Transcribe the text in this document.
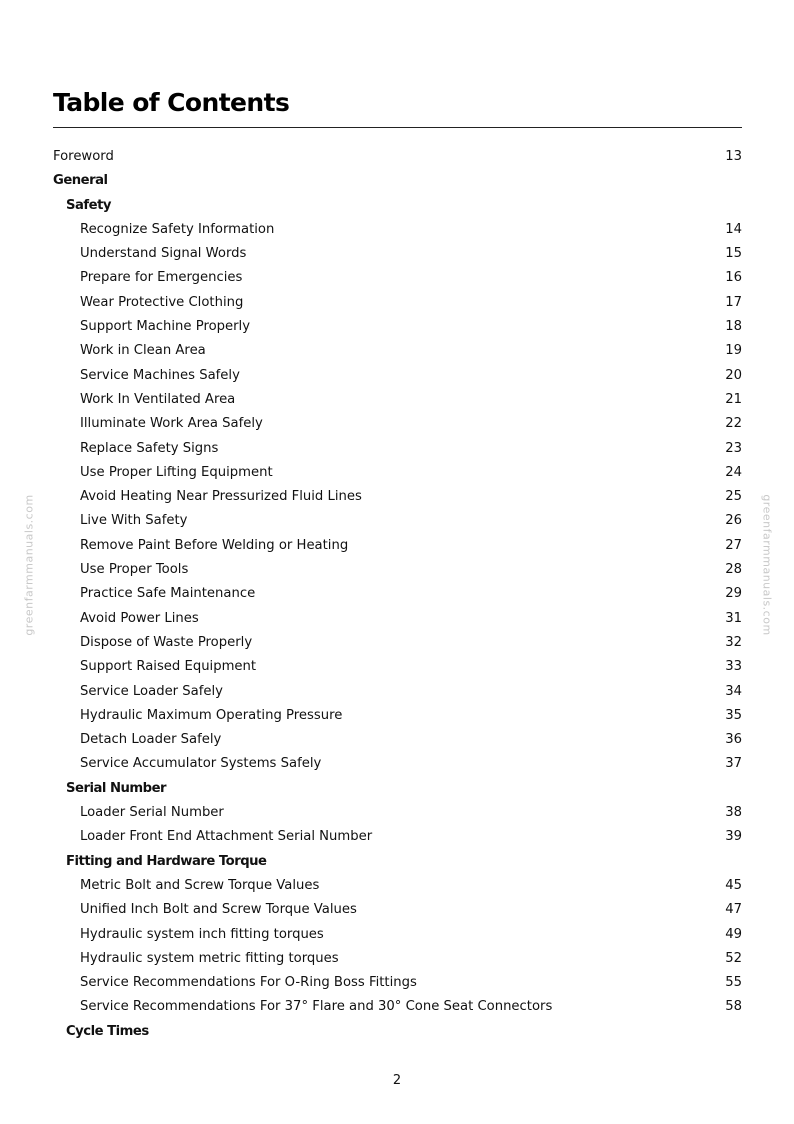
Table of Contents
Foreword	13
General
Safety
Recognize Safety Information	14
Understand Signal Words	15
Prepare for Emergencies	16
Wear Protective Clothing	17
Support Machine Properly	18
Work in Clean Area	19
Service Machines Safely	20
Work In Ventilated Area	21
Illuminate Work Area Safely	22
Replace Safety Signs	23
Use Proper Lifting Equipment	24
Avoid Heating Near Pressurized Fluid Lines	25
Live With Safety	26
Remove Paint Before Welding or Heating	27
Use Proper Tools	28
Practice Safe Maintenance	29
Avoid Power Lines	31
Dispose of Waste Properly	32
Support Raised Equipment	33
Service Loader Safely	34
Hydraulic Maximum Operating Pressure	35
Detach Loader Safely	36
Service Accumulator Systems Safely	37
Serial Number
Loader Serial Number	38
Loader Front End Attachment Serial Number	39
Fitting and Hardware Torque
Metric Bolt and Screw Torque Values	45
Unified Inch Bolt and Screw Torque Values	47
Hydraulic system inch fitting torques	49
Hydraulic system metric fitting torques	52
Service Recommendations For O-Ring Boss Fittings	55
Service Recommendations For 37° Flare and 30° Cone Seat Connectors	58
Cycle Times
greenfarmmanuals.com	greenfarmmanuals.com
2
